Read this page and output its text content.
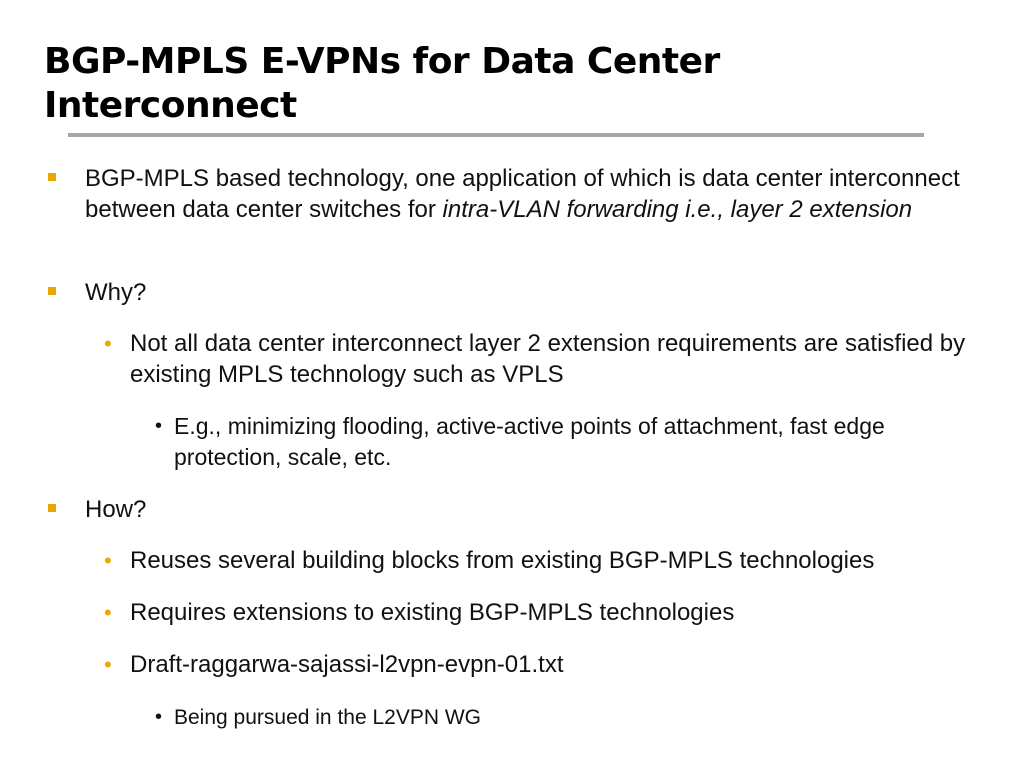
BGP-MPLS E-VPNs for Data Center Interconnect
BGP-MPLS based technology, one application of which is data center interconnect between data center switches for intra-VLAN forwarding i.e., layer 2 extension
Why?
• Not all data center interconnect layer 2 extension requirements are satisfied by existing MPLS technology such as VPLS
• E.g., minimizing flooding, active-active points of attachment, fast edge protection, scale, etc.
How?
• Reuses several building blocks from existing BGP-MPLS technologies
• Requires extensions to existing BGP-MPLS technologies
• Draft-raggarwa-sajassi-l2vpn-evpn-01.txt
• Being pursued in the L2VPN WG
